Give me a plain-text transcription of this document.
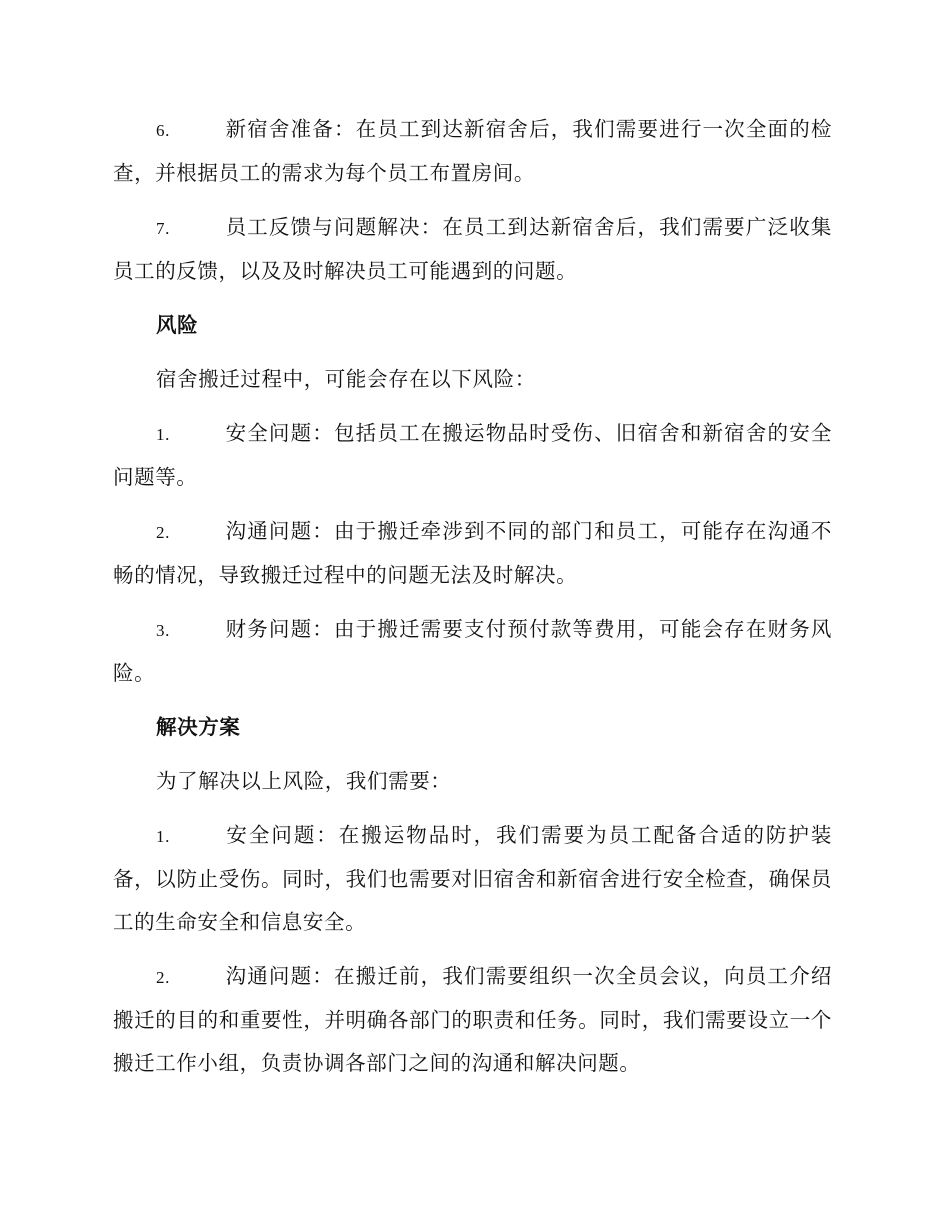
6.	新宿舍准备：在员工到达新宿舍后，我们需要进行一次全面的检查，并根据员工的需求为每个员工布置房间。

7.	员工反馈与问题解决：在员工到达新宿舍后，我们需要广泛收集员工的反馈，以及及时解决员工可能遇到的问题。

风险

宿舍搬迁过程中，可能会存在以下风险：

1.	安全问题：包括员工在搬运物品时受伤、旧宿舍和新宿舍的安全问题等。

2.	沟通问题：由于搬迁牵涉到不同的部门和员工，可能存在沟通不畅的情况，导致搬迁过程中的问题无法及时解决。

3.	财务问题：由于搬迁需要支付预付款等费用，可能会存在财务风险。

解决方案

为了解决以上风险，我们需要：

1.	安全问题：在搬运物品时，我们需要为员工配备合适的防护装备，以防止受伤。同时，我们也需要对旧宿舍和新宿舍进行安全检查，确保员工的生命安全和信息安全。

2.	沟通问题：在搬迁前，我们需要组织一次全员会议，向员工介绍搬迁的目的和重要性，并明确各部门的职责和任务。同时，我们需要设立一个搬迁工作小组，负责协调各部门之间的沟通和解决问题。
